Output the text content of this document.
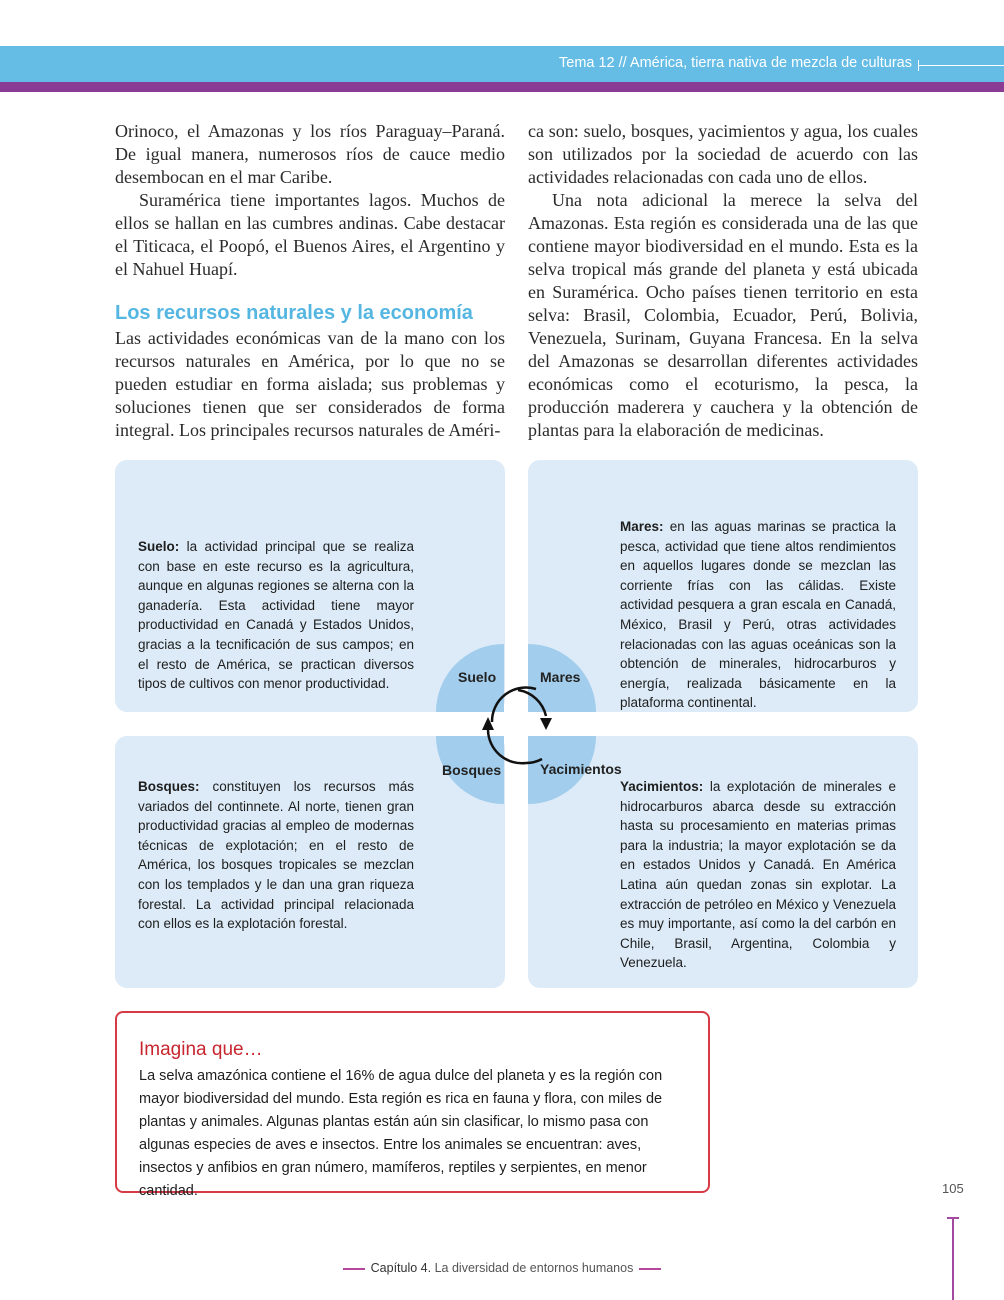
Tema 12 // América, tierra nativa de mezcla de culturas

Orinoco, el Amazonas y los ríos Paraguay–Paraná. De igual manera, numerosos ríos de cauce medio desembocan en el mar Caribe.

Suramérica tiene importantes lagos. Muchos de ellos se hallan en las cumbres andinas. Cabe destacar el Titicaca, el Poopó, el Buenos Aires, el Argentino y el Nahuel Huapí.

Los recursos naturales y la economía

Las actividades económicas van de la mano con los recursos naturales en América, por lo que no se pueden estudiar en forma aislada; sus problemas y soluciones tienen que ser considerados de forma integral. Los principales recursos naturales de Améri-

ca son: suelo, bosques, yacimientos y agua, los cuales son utilizados por la sociedad de acuerdo con las actividades relacionadas con cada uno de ellos.

Una nota adicional la merece la selva del Amazonas. Esta región es considerada una de las que contiene mayor biodiversidad en el mundo. Esta es la selva tropical más grande del planeta y está ubicada en Suramérica. Ocho países tienen territorio en esta selva: Brasil, Colombia, Ecuador, Perú, Bolivia, Venezuela, Surinam, Guyana Francesa. En la selva del Amazonas se desarrollan diferentes actividades económicas como el ecoturismo, la pesca, la producción maderera y cauchera y la obtención de plantas para la elaboración de medicinas.

Suelo: la actividad principal que se realiza con base en este recurso es la agricultura, aunque en algunas regiones se alterna con la ganadería. Esta actividad tiene mayor productividad en Canadá y Estados Unidos, gracias a la tecnificación de sus campos; en el resto de América, se practican diversos tipos de cultivos con menor productividad.

Mares: en las aguas marinas se practica la pesca, actividad que tiene altos rendimientos en aquellos lugares donde se mezclan las corriente frías con las cálidas. Existe actividad pesquera a gran escala en Canadá, México, Brasil y Perú, otras actividades relacionadas con las aguas oceánicas son la obtención de minerales, hidrocarburos y energía, realizada básicamente en la plataforma continental.

Bosques: constituyen los recursos más variados del continnete. Al norte, tienen gran productividad gracias al empleo de modernas técnicas de explotación; en el resto de América, los bosques tropicales se mezclan con los templados y le dan una gran riqueza forestal. La actividad principal relacionada con ellos es la explotación forestal.

Yacimientos: la explotación de minerales e hidrocarburos abarca desde su extracción hasta su procesamiento en materias primas para la industria; la mayor explotación se da en estados Unidos y Canadá. En América Latina aún quedan zonas sin explotar. La extracción de petróleo en México y Venezuela es muy importante, así como la del carbón en Chile, Brasil, Argentina, Colombia y Venezuela.

Suelo	Mares
Bosques	Yacimientos
Imagina que…

La selva amazónica contiene el 16% de agua dulce del planeta y es la región con mayor biodiversidad del mundo. Esta región es rica en fauna y flora, con miles de plantas y animales. Algunas plantas están aún sin clasificar, lo mismo pasa con algunas especies de aves e insectos. Entre los animales se encuentran: aves, insectos y anfibios en gran número, mamíferos, reptiles y serpientes, en menor cantidad.	105
Capítulo 4. La diversidad de entornos humanos
